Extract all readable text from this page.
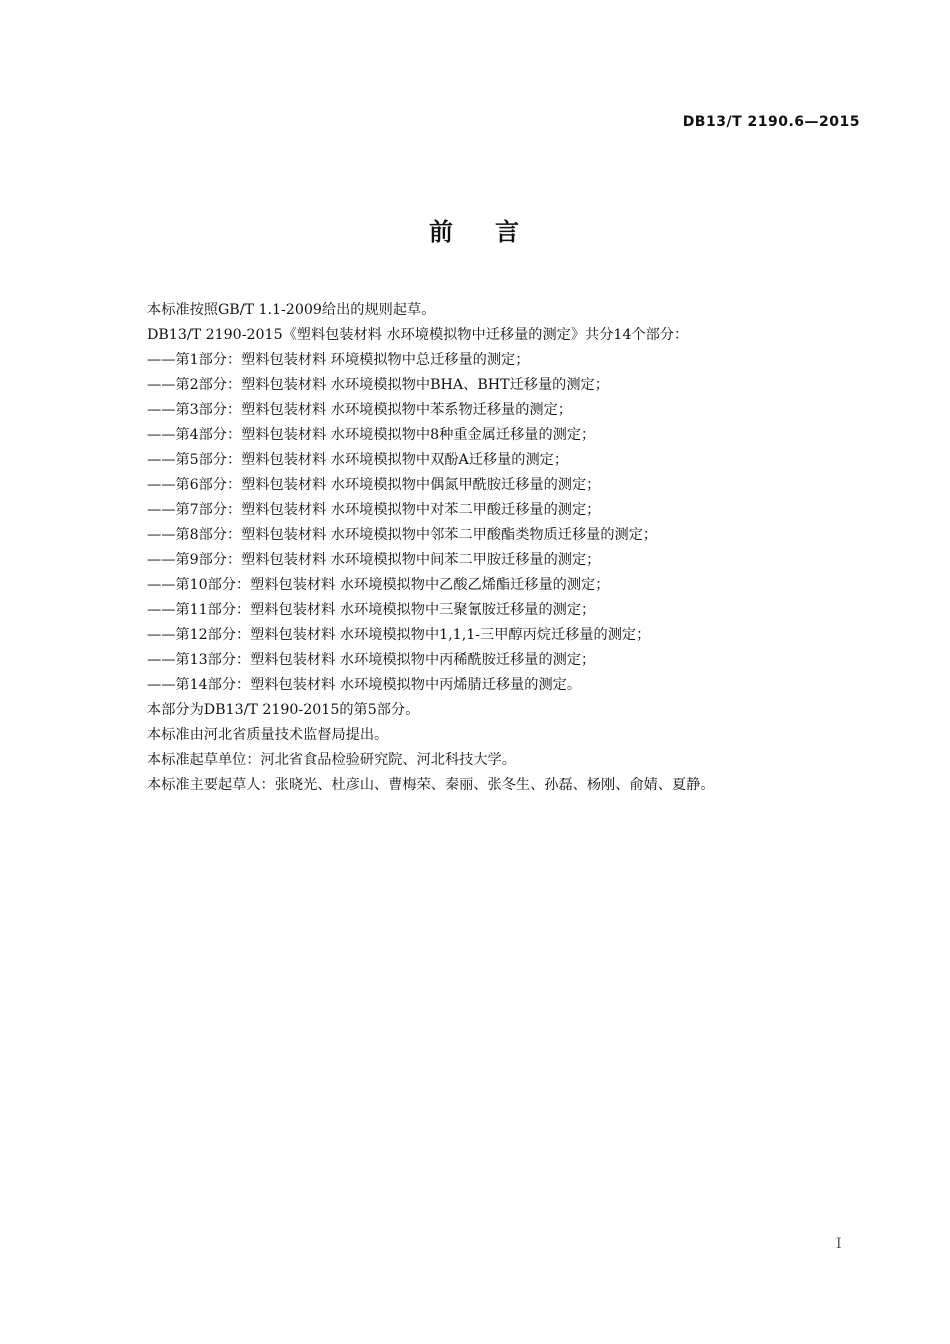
DB13/T 2190.6—2015
前 言
本标准按照GB/T 1.1-2009给出的规则起草。
DB13/T 2190-2015《塑料包装材料 水环境模拟物中迁移量的测定》共分14个部分：
——第1部分：塑料包装材料 环境模拟物中总迁移量的测定；
——第2部分：塑料包装材料 水环境模拟物中BHA、BHT迁移量的测定；
——第3部分：塑料包装材料 水环境模拟物中苯系物迁移量的测定；
——第4部分：塑料包装材料 水环境模拟物中8种重金属迁移量的测定；
——第5部分：塑料包装材料 水环境模拟物中双酚A迁移量的测定；
——第6部分：塑料包装材料 水环境模拟物中偶氮甲酰胺迁移量的测定；
——第7部分：塑料包装材料 水环境模拟物中对苯二甲酸迁移量的测定；
——第8部分：塑料包装材料 水环境模拟物中邻苯二甲酸酯类物质迁移量的测定；
——第9部分：塑料包装材料 水环境模拟物中间苯二甲胺迁移量的测定；
——第10部分：塑料包装材料 水环境模拟物中乙酸乙烯酯迁移量的测定；
——第11部分：塑料包装材料 水环境模拟物中三聚氰胺迁移量的测定；
——第12部分：塑料包装材料 水环境模拟物中1,1,1-三甲醇丙烷迁移量的测定；
——第13部分：塑料包装材料 水环境模拟物中丙稀酰胺迁移量的测定；
——第14部分：塑料包装材料 水环境模拟物中丙烯腈迁移量的测定。
本部分为DB13/T 2190-2015的第5部分。
本标准由河北省质量技术监督局提出。
本标准起草单位：河北省食品检验研究院、河北科技大学。
本标准主要起草人：张晓光、杜彦山、曹梅荣、秦丽、张冬生、孙磊、杨刚、俞婧、夏静。
I
